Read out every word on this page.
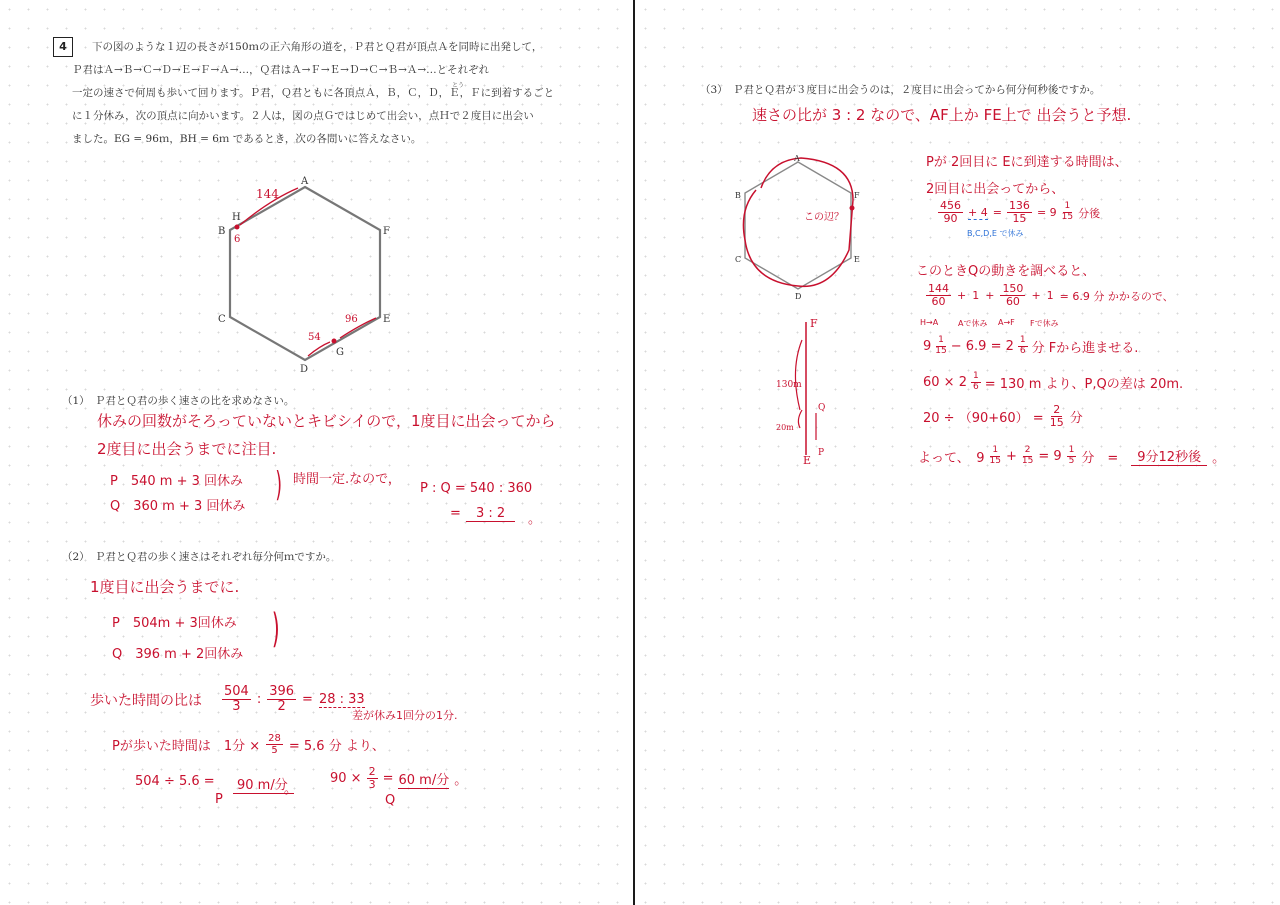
4	下の図のような１辺の長さが150ｍの正六角形の道を，Ｐ君とＱ君が頂点Ａを同時に出発して，
Ｐ君はＡ→Ｂ→Ｃ→Ｄ→Ｅ→Ｆ→Ａ→…，Ｑ君はＡ→Ｆ→Ｅ→Ｄ→Ｃ→Ｂ→Ａ→…とそれぞれ
とう
一定の速さで何周も歩いて回ります。Ｐ君，Ｑ君ともに各頂点Ａ，Ｂ，Ｃ，Ｄ，Ｅ，Ｆに到着するごと
に１分休み，次の頂点に向かいます。２人は，図の点Ｇではじめて出会い，点Ｈで２度目に出会い
ました。EG = 96ｍ，BH = 6ｍ であるとき，次の各問いに答えなさい。
A
B
C
D
E
F
G
H
144
6
54
96
（1）　Ｐ君とＱ君の歩く速さの比を求めなさい。
休みの回数がそろっていないとキビシイので，1度目に出会ってから
2度目に出会うまでに注目.
P　540 m + 3 回休み
Q　360 m + 3 回休み
) 時間一定.なので，
P : Q = 540 : 360
=	3 : 2	。
（2）　Ｐ君とＱ君の歩く速さはそれぞれ毎分何ｍですか。
1度目に出会うまでに.
P　504m + 3回休み
Q　396 m + 2回休み
)
歩いた時間の比は $\frac{504}{3}$ : $\frac{396}{2} = 28$ : 33
差が休み1回分の1分.
Pが歩いた時間は　1分 × $\frac{28}{5} = 5.6$ 分 より、
504 ÷ 5.6 =	90 m/分
。
P
$90 \times \frac{2}{3} = 60$ m/分 。
Q
（3）　Ｐ君とＱ君が３度目に出会うのは，２度目に出会ってから何分何秒後ですか。
速さの比が 3 : 2 なので、AF上か FE上で 出会うと予想.
A
B
C
D
E
F
この辺？
F
E
130m
20m
Q
P
Pが 2回目に Eに到達する時間は、
2回目に出会ってから、
$\frac{456}{90} + 4 = \frac{136}{15} = 9 \frac{1}{15}$ 分後
B,C,D,E で休み
このときQの動きを調べると、
$\frac{144}{60} + 1 + \frac{150}{60} + 1 = 6.9$ 分 かかるので、
H→A Aで休み A→F Fで休み
$9 \frac{1}{15} - 6.9 = 2 \frac{1}{6}$ 分 Fから進ませる.
$60 \times 2 \frac{1}{6} = 130$ m より、P,Qの差は 20m.
$20 \div (90+60) = \frac{2}{15}$ 分
よって、　$9 \frac{1}{15} + \frac{2}{15} = 9 \frac{1}{5}$ 分　=	9分12秒後 。
